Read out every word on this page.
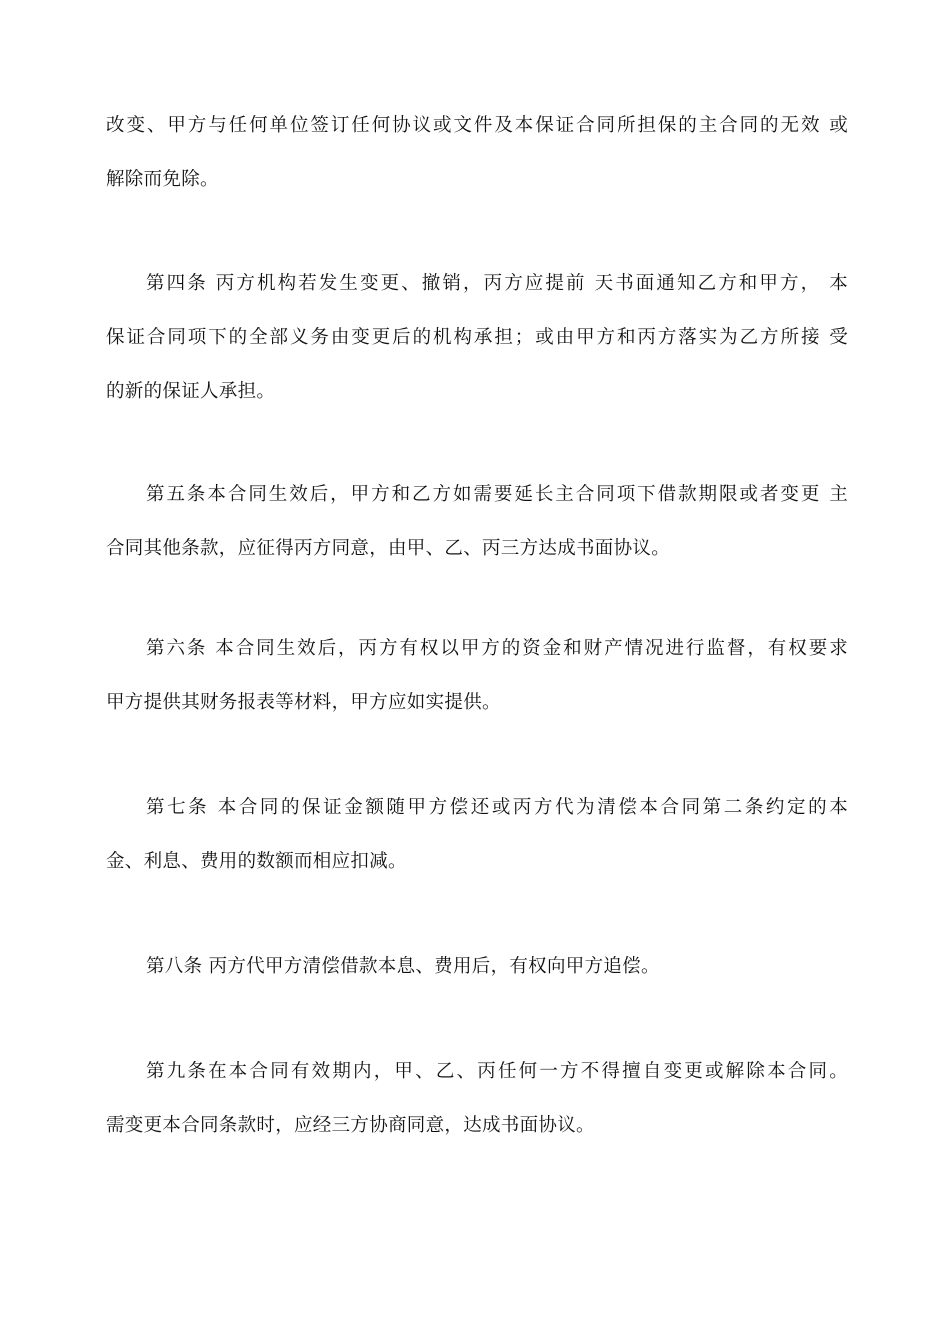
改变、甲方与任何单位签订任何协议或文件及本保证合同所担保的主合同的无效 或
解除而免除。
第四条 丙方机构若发生变更、撤销，丙方应提前 天书面通知乙方和甲方， 本
保证合同项下的全部义务由变更后的机构承担；或由甲方和丙方落实为乙方所接 受
的新的保证人承担。
第五条本合同生效后，甲方和乙方如需要延长主合同项下借款期限或者变更 主
合同其他条款，应征得丙方同意，由甲、乙、丙三方达成书面协议。
第六条 本合同生效后，丙方有权以甲方的资金和财产情况进行监督，有权要求
甲方提供其财务报表等材料，甲方应如实提供。
第七条 本合同的保证金额随甲方偿还或丙方代为清偿本合同第二条约定的本
金、利息、费用的数额而相应扣减。
第八条 丙方代甲方清偿借款本息、费用后，有权向甲方追偿。
第九条在本合同有效期内，甲、乙、丙任何一方不得擅自变更或解除本合同。
需变更本合同条款时，应经三方协商同意，达成书面协议。
